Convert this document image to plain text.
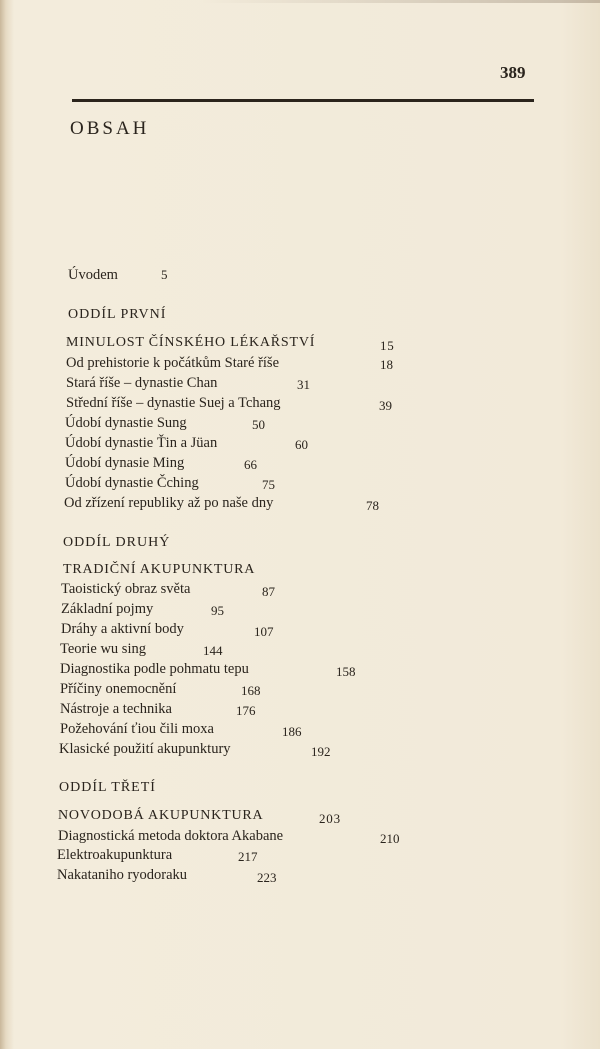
389
OBSAH
Úvodem	5
ODDÍL PRVNÍ
MINULOST ČÍNSKÉHO LÉKAŘSTVÍ	15
Od prehistorie k počátkům Staré říše	18
Stará říše – dynastie Chan	31
Střední říše – dynastie Suej a Tchang	39
Údobí dynastie Sung	50
Údobí dynastie Ťin a Jüan	60
Údobí dynasie Ming	66
Údobí dynastie Čching	75
Od zřízení republiky až po naše dny	78
ODDÍL DRUHÝ
TRADIČNÍ AKUPUNKTURA
Taoistický obraz světa	87
Základní pojmy	95
Dráhy a aktivní body	107
Teorie wu sing	144
Diagnostika podle pohmatu tepu	158
Příčiny onemocnění	168
Nástroje a technika	176
Požehování ťiou čili moxa	186
Klasické použití akupunktury	192
ODDÍL TŘETÍ
NOVODOBÁ AKUPUNKTURA	203
Diagnostická metoda doktora Akabane	210
Elektroakupunktura	217
Nakataniho ryodoraku	223
